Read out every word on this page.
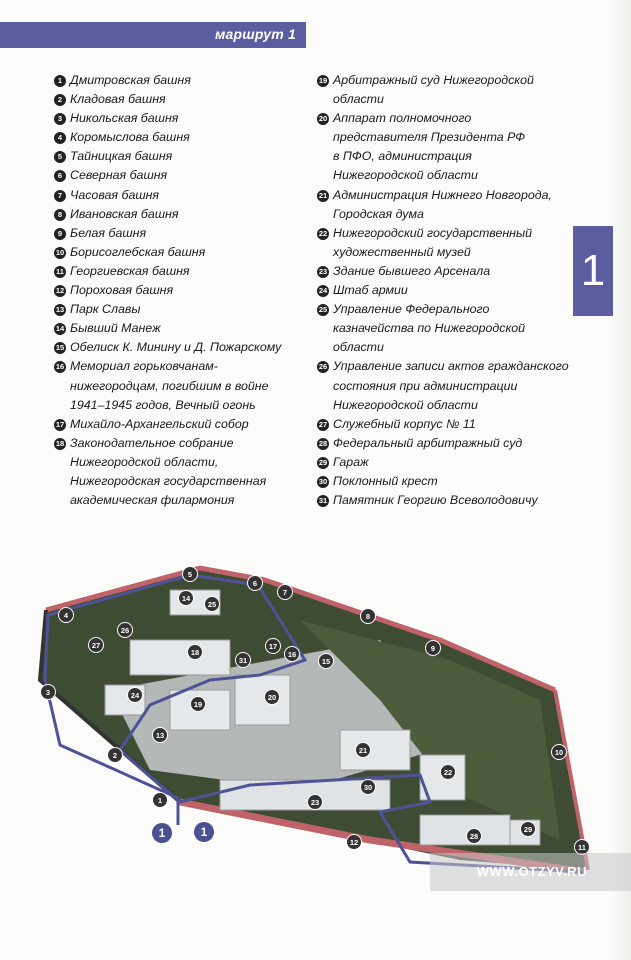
маршрут 1
1
1 Дмитровская башня
2 Кладовая башня
3 Никольская башня
4 Коромыслова башня
5 Тайницкая башня
6 Северная башня
7 Часовая башня
8 Ивановская башня
9 Белая башня
10 Борисоглебская башня
11 Георгиевская башня
12 Пороховая башня
13 Парк Славы
14 Бывший Манеж
15 Обелиск К. Минину и Д. Пожарскому
16 Мемориал горьковчанам-
нижегородцам, погибшим в войне
1941–1945 годов, Вечный огонь
17 Михайло-Архангельский собор
18 Законодательное собрание
Нижегородской области,
Нижегородская государственная
академическая филармония
19 Арбитражный суд Нижегородской
области
20 Аппарат полномочного
представителя Президента РФ
в ПФО, администрация
Нижегородской области
21 Администрация Нижнего Новгорода,
Городская дума
22 Нижегородский государственный
художественный музей
23 Здание бывшего Арсенала
24 Штаб армии
25 Управление Федерального
казначейства по Нижегородской
области
26 Управление записи актов гражданского
состояния при администрации
Нижегородской области
27 Служебный корпус № 11
28 Федеральный арбитражный суд
29 Гараж
30 Поклонный крест
31 Памятник Георгию Всеволодовичу
1
2
3
4
5
6
7
8
9
10
11
12
13
14
15
16
17
18
19
20
21
22
23
24
25
26
27
28
29
30
31
1	1
WWW.OTZYV.RU
